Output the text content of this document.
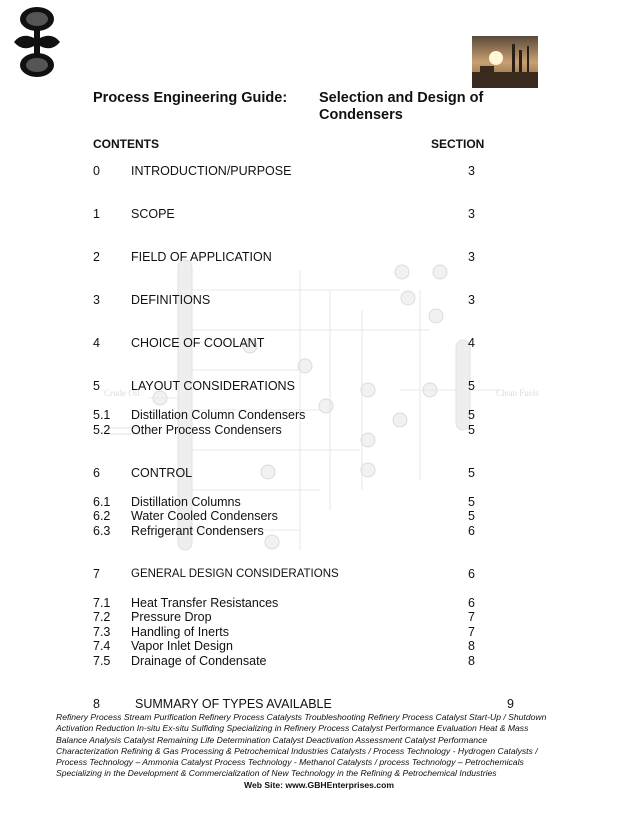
Crude Oil	Clean Fuels
Process Engineering Guide: Selection and Design of
Condensers
CONTENTS	SECTION
0 INTRODUCTION/PURPOSE	3
1 SCOPE	3
2 FIELD OF APPLICATION	3
3 DEFINITIONS	3
4 CHOICE OF COOLANT	4
5 LAYOUT CONSIDERATIONS	5
5.1 Distillation Column Condensers	5
5.2 Other Process Condensers	5
6 CONTROL	5
6.1 Distillation Columns	5
6.2 Water Cooled Condensers	5
6.3 Refrigerant Condensers	6
7	GENERAL DESIGN CONSIDERATIONS	6
7.1 Heat Transfer Resistances	6
7.2 Pressure Drop	7
7.3 Handling of Inerts	7
7.4 Vapor Inlet Design	8
7.5 Drainage of Condensate	8
8	SUMMARY OF TYPES AVAILABLE	9
Refinery Process Stream Purification Refinery Process Catalysts Troubleshooting Refinery Process Catalyst Start-Up / Shutdown
Activation Reduction In-situ Ex-situ Sulfiding Specializing in Refinery Process Catalyst Performance Evaluation Heat & Mass
Balance Analysis Catalyst Remaining Life Determination Catalyst Deactivation Assessment Catalyst Performance
Characterization Refining & Gas Processing & Petrochemical Industries Catalysts / Process Technology - Hydrogen Catalysts /
Process Technology – Ammonia Catalyst Process Technology - Methanol Catalysts / process Technology – Petrochemicals
Specializing in the Development & Commercialization of New Technology in the Refining & Petrochemical Industries
Web Site: www.GBHEnterprises.com
